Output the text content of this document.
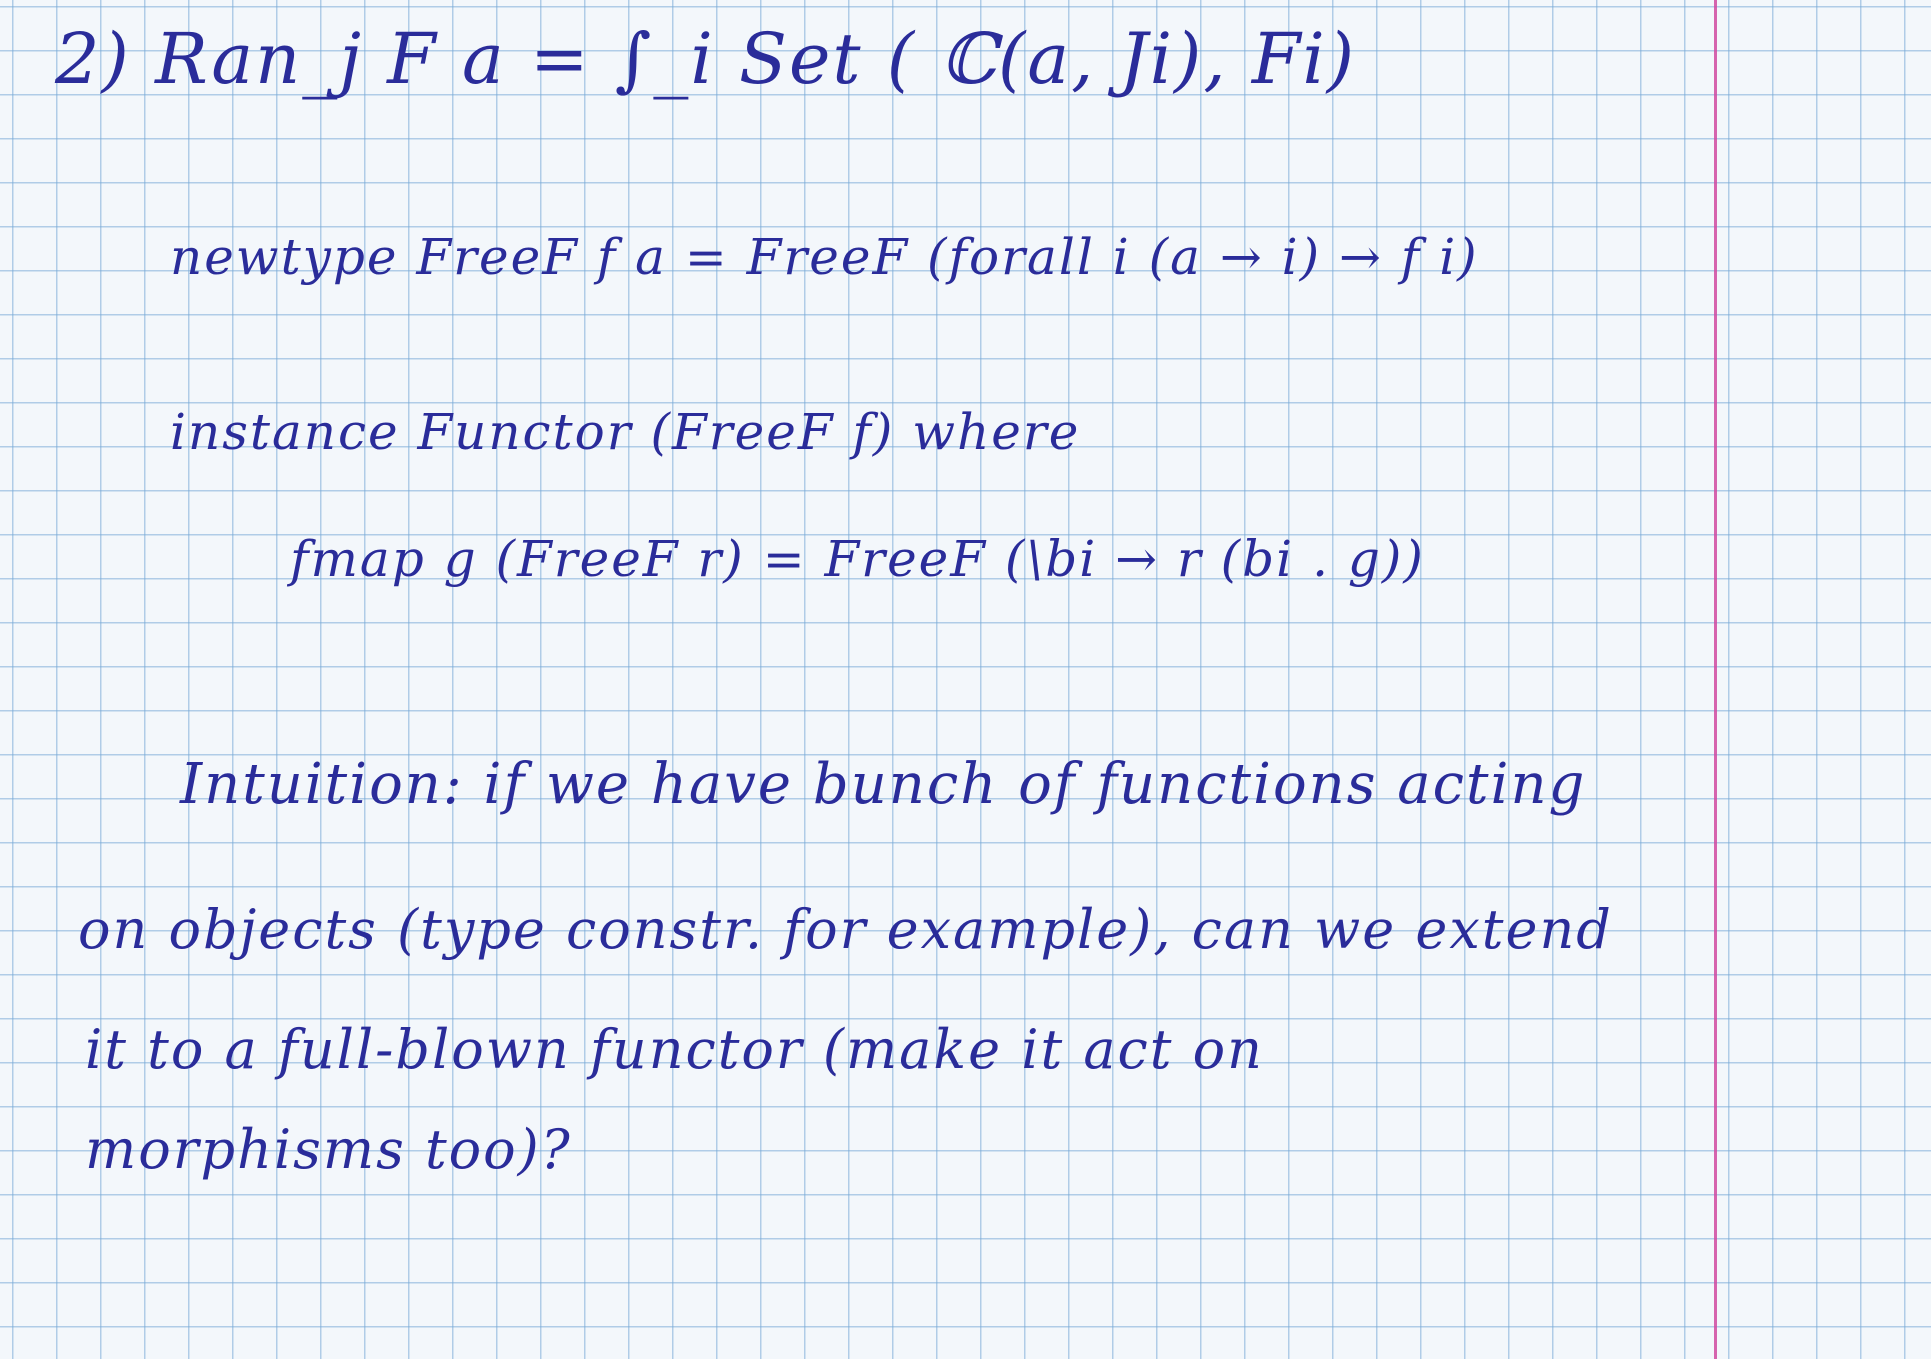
2) Ran_j F a = ∫_i Set ( ℂ(a, Ji), Fi)
newtype FreeF f a = FreeF (forall i (a → i) → f i)
instance Functor (FreeF f) where
fmap g (FreeF r) = FreeF (\bi → r (bi . g))
Intuition: if we have bunch of functions acting
on objects (type constr. for example), can we extend
it to a full-blown functor (make it act on
morphisms too)?
